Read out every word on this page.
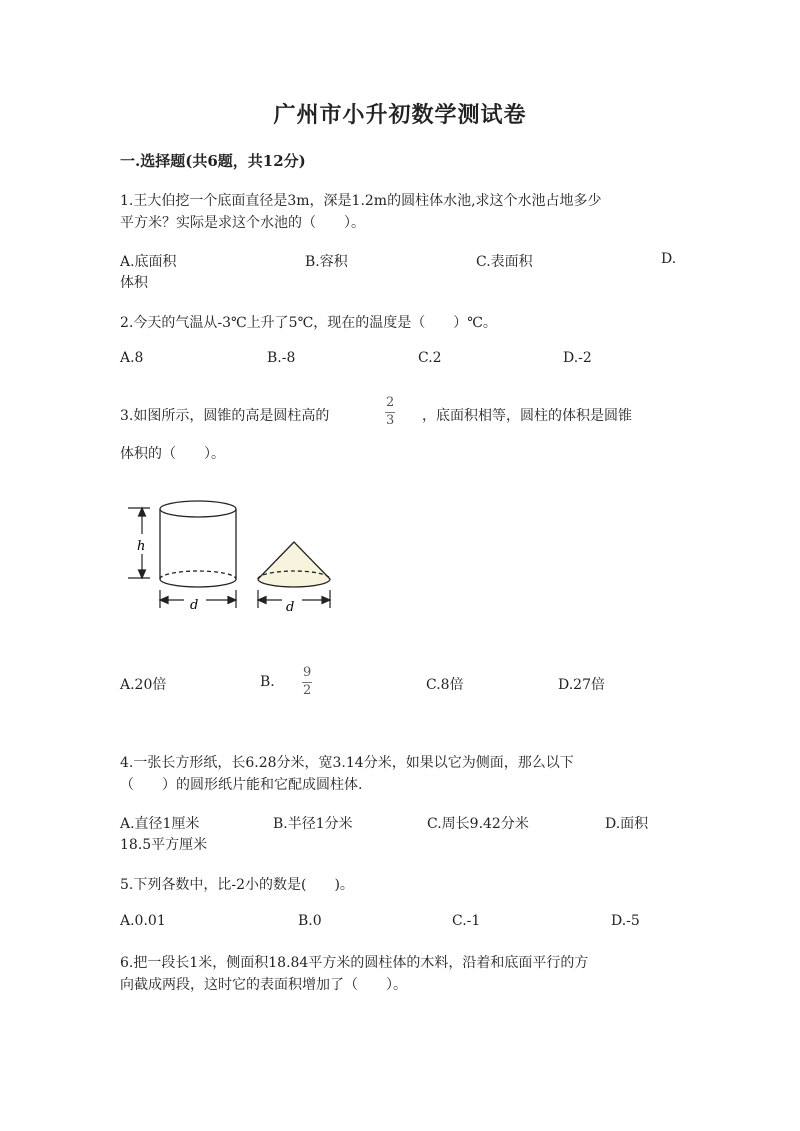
广州市小升初数学测试卷
一.选择题(共6题，共12分)
1.王大伯挖一个底面直径是3m，深是1.2m的圆柱体水池,求这个水池占地多少
平方米？实际是求这个水池的（　　）。
A.底面积	B.容积	C.表面积	D.
体积
2.今天的气温从-3℃上升了5℃，现在的温度是（　　）℃。
A.8	B.-8	C.2	D.-2
3.如图所示，圆锥的高是圆柱高的
2
3 ，底面积相等，圆柱的体积是圆锥
体积的（　　）。
h
d	d
A.20倍	B.
9
2	C.8倍	D.27倍
4.一张长方形纸，长6.28分米，宽3.14分米，如果以它为侧面，那么以下
（　　）的圆形纸片能和它配成圆柱体.
A.直径1厘米	B.半径1分米	C.周长9.42分米	D.面积
18.5平方厘米
5.下列各数中，比-2小的数是(　　)。
A.0.01	B.0	C.-1	D.-5
6.把一段长1米，侧面积18.84平方米的圆柱体的木料，沿着和底面平行的方
向截成两段，这时它的表面积增加了（　　）。
